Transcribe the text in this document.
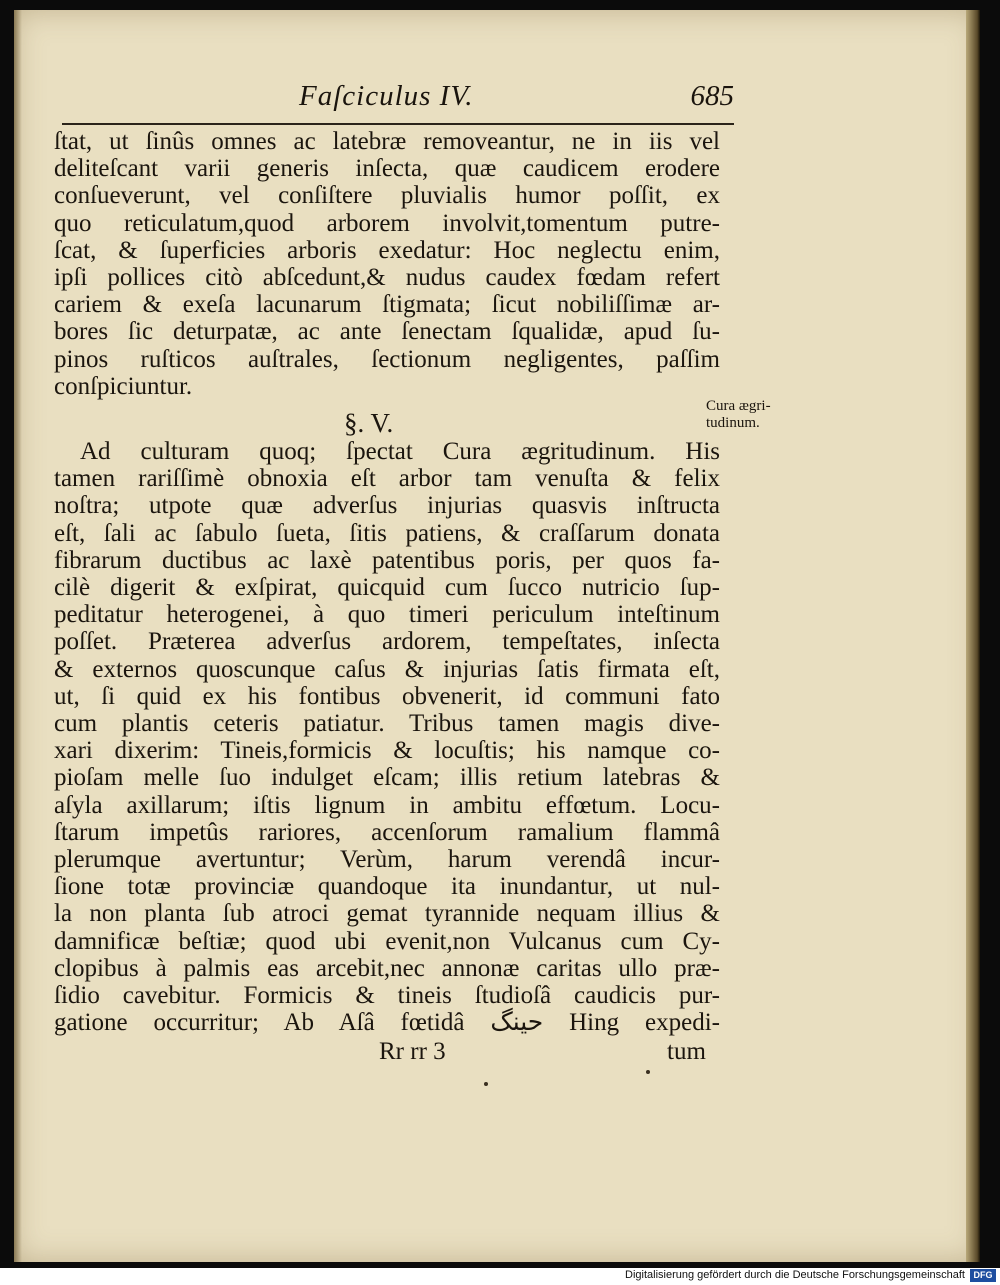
Faſciculus IV.	685
ſtat, ut ſinûs omnes ac latebræ removeantur, ne in iis vel
deliteſcant varii generis inſecta, quæ caudicem erodere
conſueverunt, vel conſiſtere pluvialis humor poſſit, ex
quo reticulatum,quod arborem involvit,tomentum putre-
ſcat, & ſuperficies arboris exedatur: Hoc neglectu enim,
ipſi pollices citò abſcedunt,& nudus caudex fœdam refert
cariem & exeſa lacunarum ſtigmata; ſicut nobiliſſimæ ar-
bores ſic deturpatæ, ac ante ſenectam ſqualidæ, apud ſu-
pinos ruſticos auſtrales, ſectionum negligentes, paſſim
conſpiciuntur.
§. V.
Cura ægri-
tudinum.
Ad culturam quoq; ſpectat Cura ægritudinum. His
tamen rariſſimè obnoxia eſt arbor tam venuſta & felix
noſtra; utpote quæ adverſus injurias quasvis inſtructa
eſt, ſali ac ſabulo ſueta, ſitis patiens, & craſſarum donata
fibrarum ductibus ac laxè patentibus poris, per quos fa-
cilè digerit & exſpirat, quicquid cum ſucco nutricio ſup-
peditatur heterogenei, à quo timeri periculum inteſtinum
poſſet. Præterea adverſus ardorem, tempeſtates, inſecta
& externos quoscunque caſus & injurias ſatis firmata eſt,
ut, ſi quid ex his fontibus obvenerit, id communi fato
cum plantis ceteris patiatur. Tribus tamen magis dive-
xari dixerim: Tineis,formicis & locuſtis; his namque co-
pioſam melle ſuo indulget eſcam; illis retium latebras &
aſyla axillarum; iſtis lignum in ambitu effœtum. Locu-
ſtarum impetûs rariores, accenſorum ramalium flammâ
plerumque avertuntur; Verùm, harum verendâ incur-
ſione totæ provinciæ quandoque ita inundantur, ut nul-
la non planta ſub atroci gemat tyrannide nequam illius &
damnificæ beſtiæ; quod ubi evenit,non Vulcanus cum Cy-
clopibus à palmis eas arcebit,nec annonæ caritas ullo præ-
ſidio cavebitur. Formicis & tineis ſtudioſâ caudicis pur-
gatione occurritur; Ab Aſâ fœtidâ ﺣﯿﻨﮓ Hing expedi-
Rr rr 3	tum
Digitalisierung gefördert durch die Deutsche Forschungsgemeinschaft DFG
